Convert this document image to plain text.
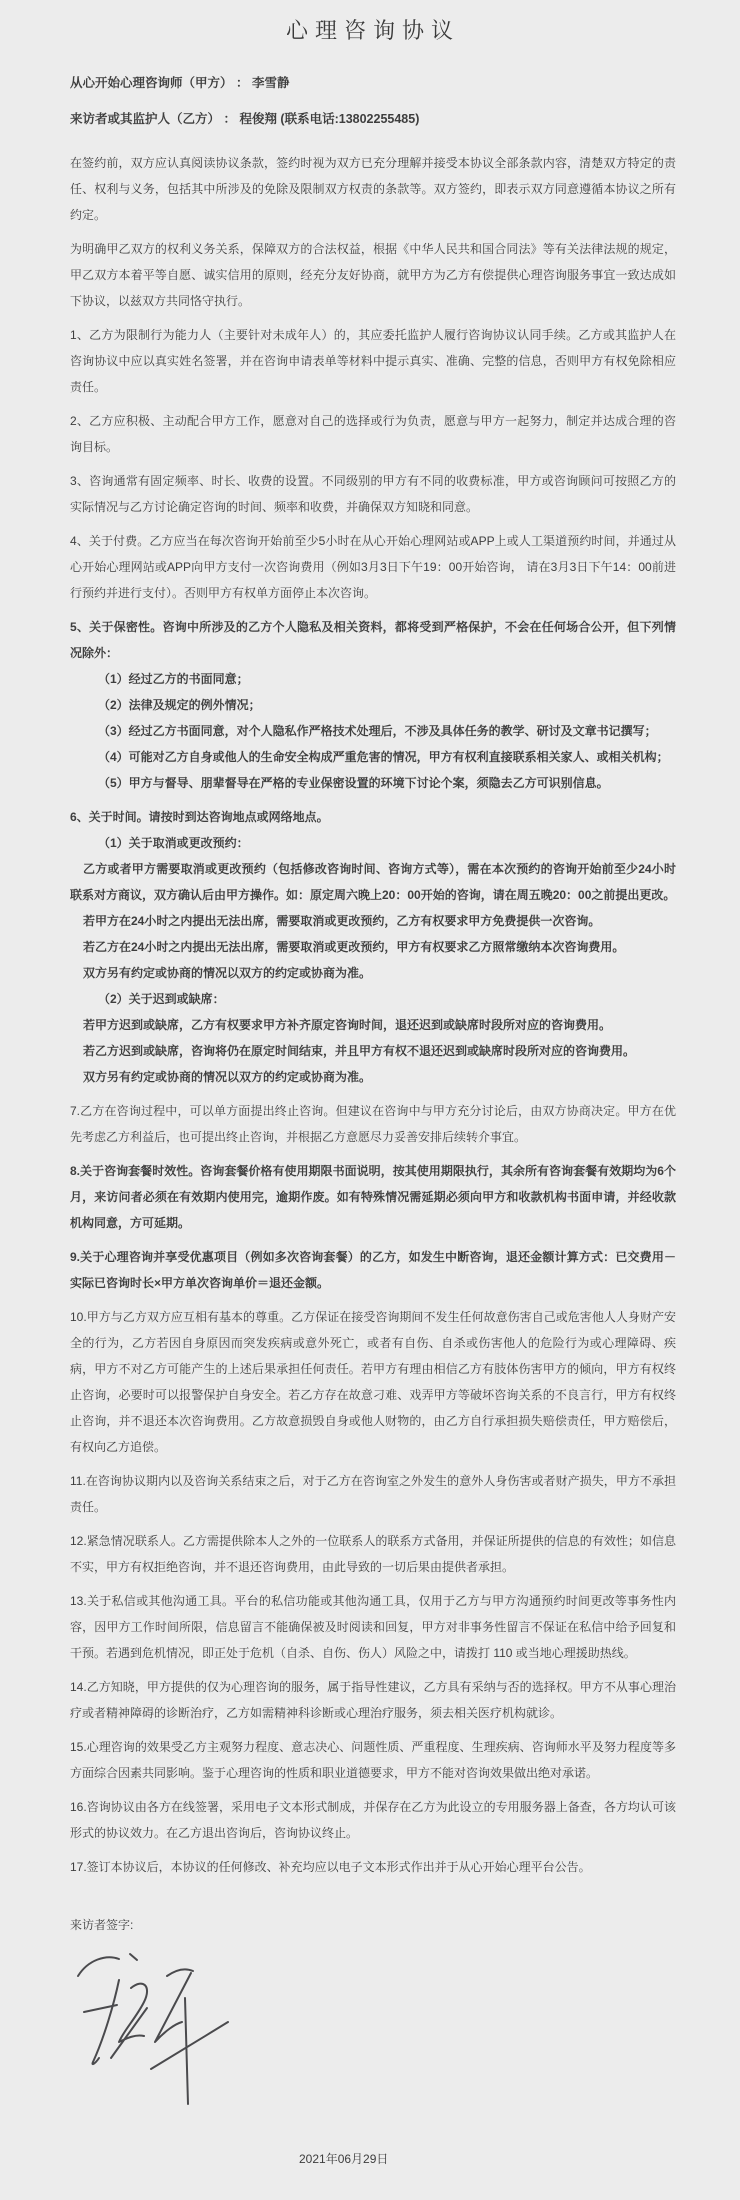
心理咨询协议

从心开始心理咨询师（甲方） ： 李雪静

来访者或其监护人（乙方） ： 程俊翔 (联系电话:13802255485)

在签约前，双方应认真阅读协议条款，签约时视为双方已充分理解并接受本协议全部条款内容，清楚双方特定的责任、权利与义务，包括其中所涉及的免除及限制双方权责的条款等。双方签约，即表示双方同意遵循本协议之所有约定。

为明确甲乙双方的权利义务关系，保障双方的合法权益，根据《中华人民共和国合同法》等有关法律法规的规定，甲乙双方本着平等自愿、诚实信用的原则，经充分友好协商，就甲方为乙方有偿提供心理咨询服务事宜一致达成如下协议，以兹双方共同恪守执行。

1、乙方为限制行为能力人（主要针对未成年人）的，其应委托监护人履行咨询协议认同手续。乙方或其监护人在咨询协议中应以真实姓名签署，并在咨询申请表单等材料中提示真实、准确、完整的信息，否则甲方有权免除相应责任。

2、乙方应积极、主动配合甲方工作，愿意对自己的选择或行为负责，愿意与甲方一起努力，制定并达成合理的咨询目标。

3、咨询通常有固定频率、时长、收费的设置。不同级别的甲方有不同的收费标准，甲方或咨询顾问可按照乙方的实际情况与乙方讨论确定咨询的时间、频率和收费，并确保双方知晓和同意。

4、关于付费。乙方应当在每次咨询开始前至少5小时在从心开始心理网站或APP上或人工渠道预约时间，并通过从心开始心理网站或APP向甲方支付一次咨询费用（例如3月3日下午19：00开始咨询， 请在3月3日下午14：00前进行预约并进行支付）。否则甲方有权单方面停止本次咨询。

5、关于保密性。咨询中所涉及的乙方个人隐私及相关资料，都将受到严格保护，不会在任何场合公开，但下列情况除外：

（1）经过乙方的书面同意；

（2）法律及规定的例外情况；

（3）经过乙方书面同意，对个人隐私作严格技术处理后，不涉及具体任务的教学、研讨及文章书记撰写；

（4）可能对乙方自身或他人的生命安全构成严重危害的情况，甲方有权利直接联系相关家人、或相关机构；

（5）甲方与督导、朋辈督导在严格的专业保密设置的环境下讨论个案，须隐去乙方可识别信息。

6、关于时间。请按时到达咨询地点或网络地点。

（1）关于取消或更改预约：

乙方或者甲方需要取消或更改预约（包括修改咨询时间、咨询方式等），需在本次预约的咨询开始前至少24小时联系对方商议，双方确认后由甲方操作。如：原定周六晚上20：00开始的咨询，请在周五晚20：00之前提出更改。

若甲方在24小时之内提出无法出席，需要取消或更改预约，乙方有权要求甲方免费提供一次咨询。

若乙方在24小时之内提出无法出席，需要取消或更改预约，甲方有权要求乙方照常缴纳本次咨询费用。

双方另有约定或协商的情况以双方的约定或协商为准。

（2）关于迟到或缺席：

若甲方迟到或缺席，乙方有权要求甲方补齐原定咨询时间，退还迟到或缺席时段所对应的咨询费用。

若乙方迟到或缺席，咨询将仍在原定时间结束，并且甲方有权不退还迟到或缺席时段所对应的咨询费用。

双方另有约定或协商的情况以双方的约定或协商为准。

7.乙方在咨询过程中，可以单方面提出终止咨询。但建议在咨询中与甲方充分讨论后，由双方协商决定。甲方在优先考虑乙方利益后，也可提出终止咨询，并根据乙方意愿尽力妥善安排后续转介事宜。

8.关于咨询套餐时效性。咨询套餐价格有使用期限书面说明，按其使用期限执行，其余所有咨询套餐有效期均为6个月，来访问者必须在有效期内使用完，逾期作废。如有特殊情况需延期必须向甲方和收款机构书面申请，并经收款机构同意，方可延期。

9.关于心理咨询并享受优惠项目（例如多次咨询套餐）的乙方，如发生中断咨询，退还金额计算方式：已交费用－实际已咨询时长×甲方单次咨询单价＝退还金额。

10.甲方与乙方双方应互相有基本的尊重。乙方保证在接受咨询期间不发生任何故意伤害自己或危害他人人身财产安全的行为，乙方若因自身原因而突发疾病或意外死亡，或者有自伤、自杀或伤害他人的危险行为或心理障碍、疾病，甲方不对乙方可能产生的上述后果承担任何责任。若甲方有理由相信乙方有肢体伤害甲方的倾向，甲方有权终止咨询，必要时可以报警保护自身安全。若乙方存在故意刁难、戏弄甲方等破坏咨询关系的不良言行，甲方有权终止咨询，并不退还本次咨询费用。乙方故意损毁自身或他人财物的，由乙方自行承担损失赔偿责任，甲方赔偿后，有权向乙方追偿。

11.在咨询协议期内以及咨询关系结束之后，对于乙方在咨询室之外发生的意外人身伤害或者财产损失，甲方不承担责任。

12.紧急情况联系人。乙方需提供除本人之外的一位联系人的联系方式备用，并保证所提供的信息的有效性；如信息不实，甲方有权拒绝咨询，并不退还咨询费用，由此导致的一切后果由提供者承担。

13.关于私信或其他沟通工具。平台的私信功能或其他沟通工具，仅用于乙方与甲方沟通预约时间更改等事务性内容，因甲方工作时间所限，信息留言不能确保被及时阅读和回复，甲方对非事务性留言不保证在私信中给予回复和干预。若遇到危机情况，即正处于危机（自杀、自伤、伤人）风险之中，请拨打 110 或当地心理援助热线。

14.乙方知晓，甲方提供的仅为心理咨询的服务，属于指导性建议，乙方具有采纳与否的选择权。甲方不从事心理治疗或者精神障碍的诊断治疗，乙方如需精神科诊断或心理治疗服务，须去相关医疗机构就诊。

15.心理咨询的效果受乙方主观努力程度、意志决心、问题性质、严重程度、生理疾病、咨询师水平及努力程度等多方面综合因素共同影响。鉴于心理咨询的性质和职业道德要求，甲方不能对咨询效果做出绝对承诺。

16.咨询协议由各方在线签署，采用电子文本形式制成，并保存在乙方为此设立的专用服务器上备查，各方均认可该形式的协议效力。在乙方退出咨询后，咨询协议终止。

17.签订本协议后，本协议的任何修改、补充均应以电子文本形式作出并于从心开始心理平台公告。

来访者签字:

2021年06月29日
